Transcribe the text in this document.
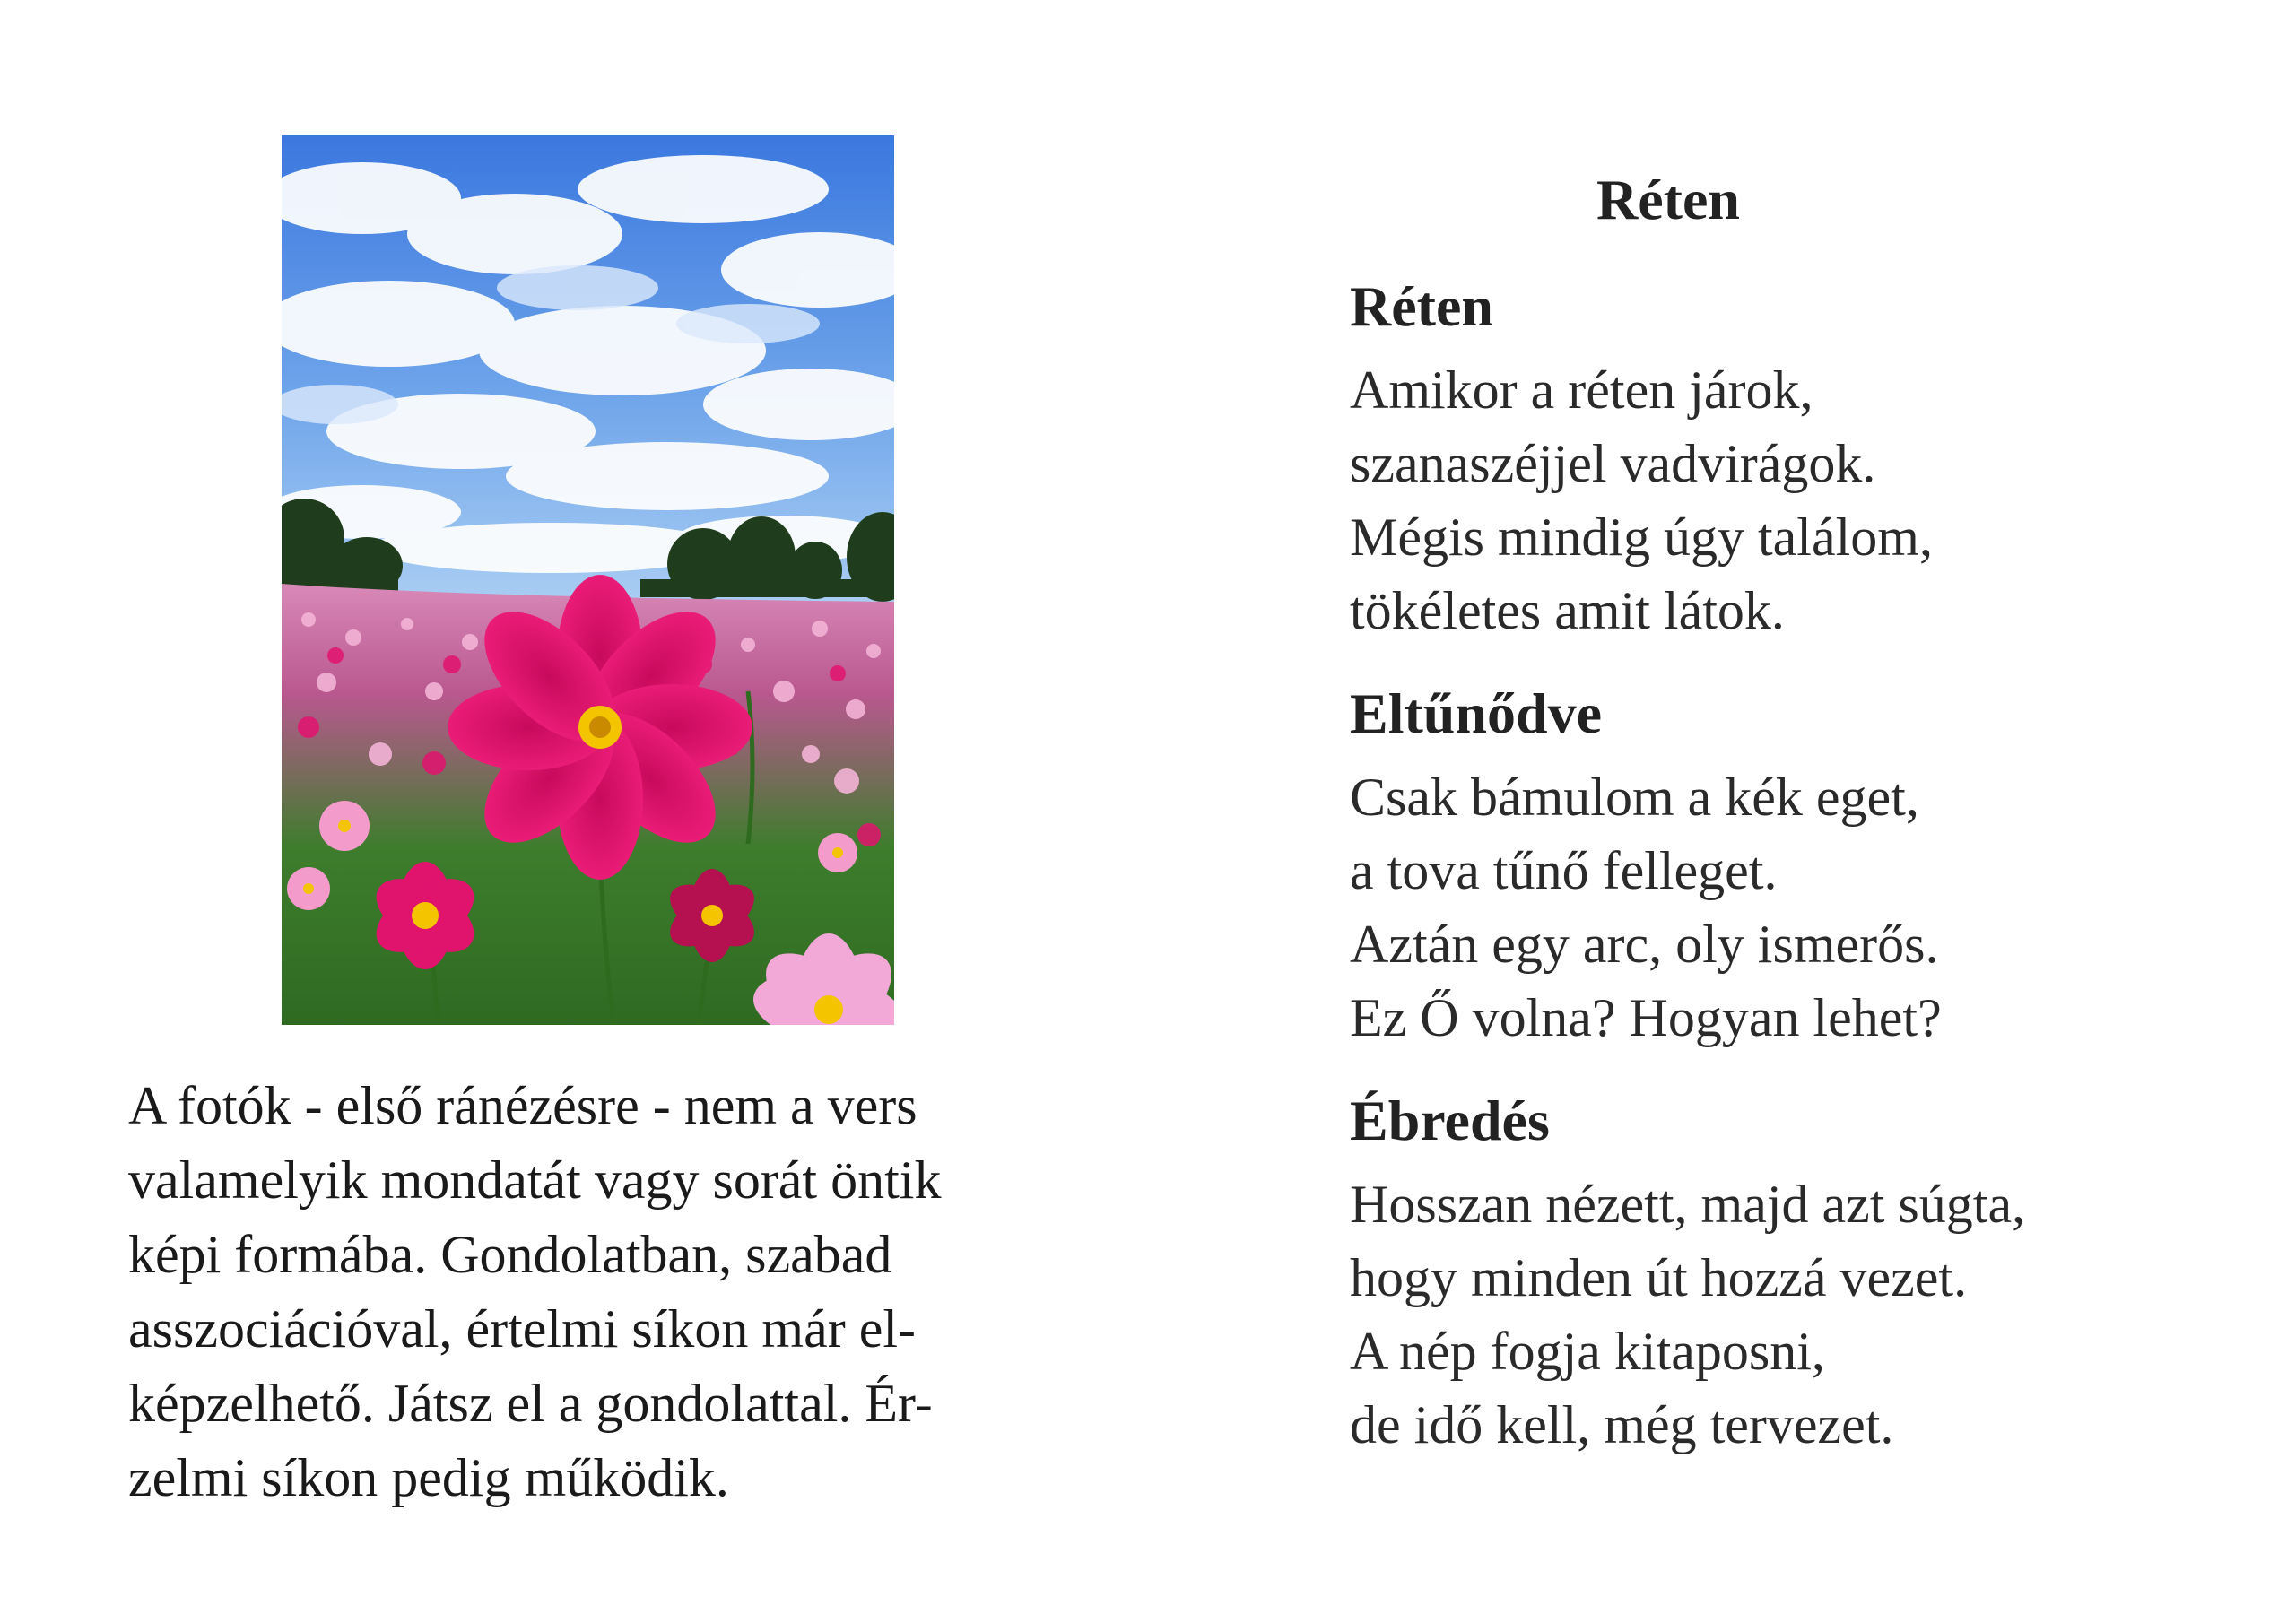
A fotók - első ránézésre - nem a vers
valamelyik mondatát vagy sorát öntik
képi formába. Gondolatban, szabad
asszociációval, értelmi síkon már el-
képzelhető. Játsz el a gondolattal. Ér-
zelmi síkon pedig működik.

Réten
Réten
Amikor a réten járok,
szanaszéjjel vadvirágok.
Mégis mindig úgy találom,
tökéletes amit látok.
Eltűnődve
Csak bámulom a kék eget,
a tova tűnő felleget.
Aztán egy arc, oly ismerős.
Ez Ő volna? Hogyan lehet?
Ébredés
Hosszan nézett, majd azt súgta,
hogy minden út hozzá vezet.
A nép fogja kitaposni,
de idő kell, még tervezet.
